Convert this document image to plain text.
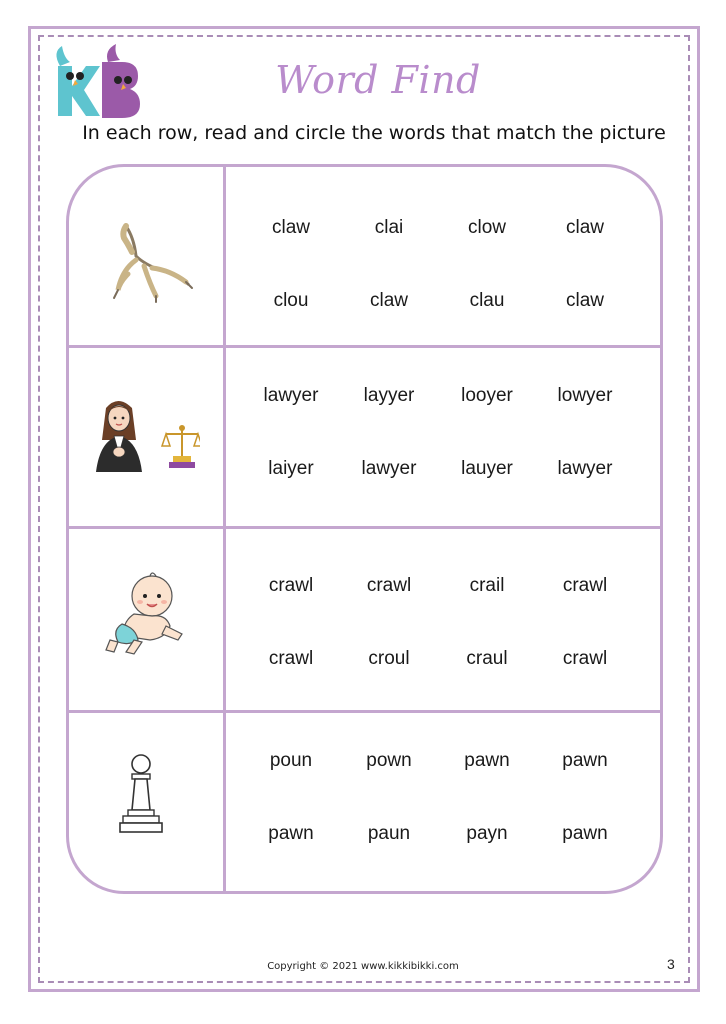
Word Find
In each row, read and circle the words that match the picture
claw	clai	clow	claw
clou	claw	clau	claw
lawyer	layyer	looyer	lowyer
laiyer	lawyer	lauyer	lawyer
crawl	crawl	crail	crawl
crawl	croul	craul	crawl
poun	pown	pawn	pawn
pawn	paun	payn	pawn
Copyright © 2021 www.kikkibikki.com	3
